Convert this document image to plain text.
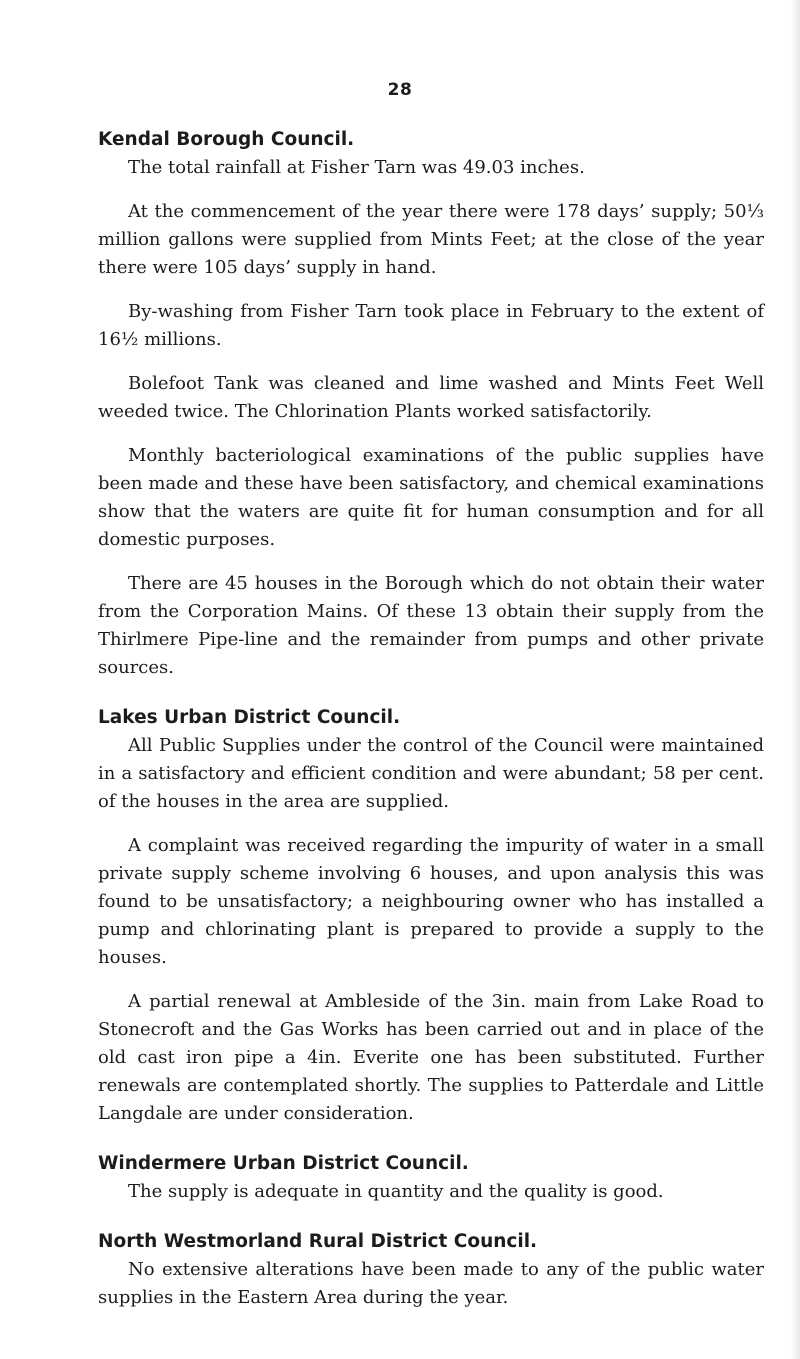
28
Kendal Borough Council.

The total rainfall at Fisher Tarn was 49.03 inches.

At the commencement of the year there were 178 days’ supply; 50⅓ million gallons were supplied from Mints Feet; at the close of the year there were 105 days’ supply in hand.

By-washing from Fisher Tarn took place in February to the extent of 16½ millions.

Bolefoot Tank was cleaned and lime washed and Mints Feet Well weeded twice. The Chlorination Plants worked satisfactorily.

Monthly bacteriological examinations of the public supplies have been made and these have been satisfactory, and chemical examinations show that the waters are quite fit for human consumption and for all domestic purposes.

There are 45 houses in the Borough which do not obtain their water from the Corporation Mains. Of these 13 obtain their supply from the Thirlmere Pipe-line and the remainder from pumps and other private sources.

Lakes Urban District Council.

All Public Supplies under the control of the Council were maintained in a satisfactory and efficient condition and were abundant; 58 per cent. of the houses in the area are supplied.

A complaint was received regarding the impurity of water in a small private supply scheme involving 6 houses, and upon analysis this was found to be unsatisfactory; a neighbouring owner who has installed a pump and chlorinating plant is prepared to provide a supply to the houses.

A partial renewal at Ambleside of the 3in. main from Lake Road to Stonecroft and the Gas Works has been carried out and in place of the old cast iron pipe a 4in. Everite one has been substituted. Further renewals are contemplated shortly. The supplies to Patterdale and Little Langdale are under consideration.

Windermere Urban District Council.

The supply is adequate in quantity and the quality is good.

North Westmorland Rural District Council.

No extensive alterations have been made to any of the public water supplies in the Eastern Area during the year.
